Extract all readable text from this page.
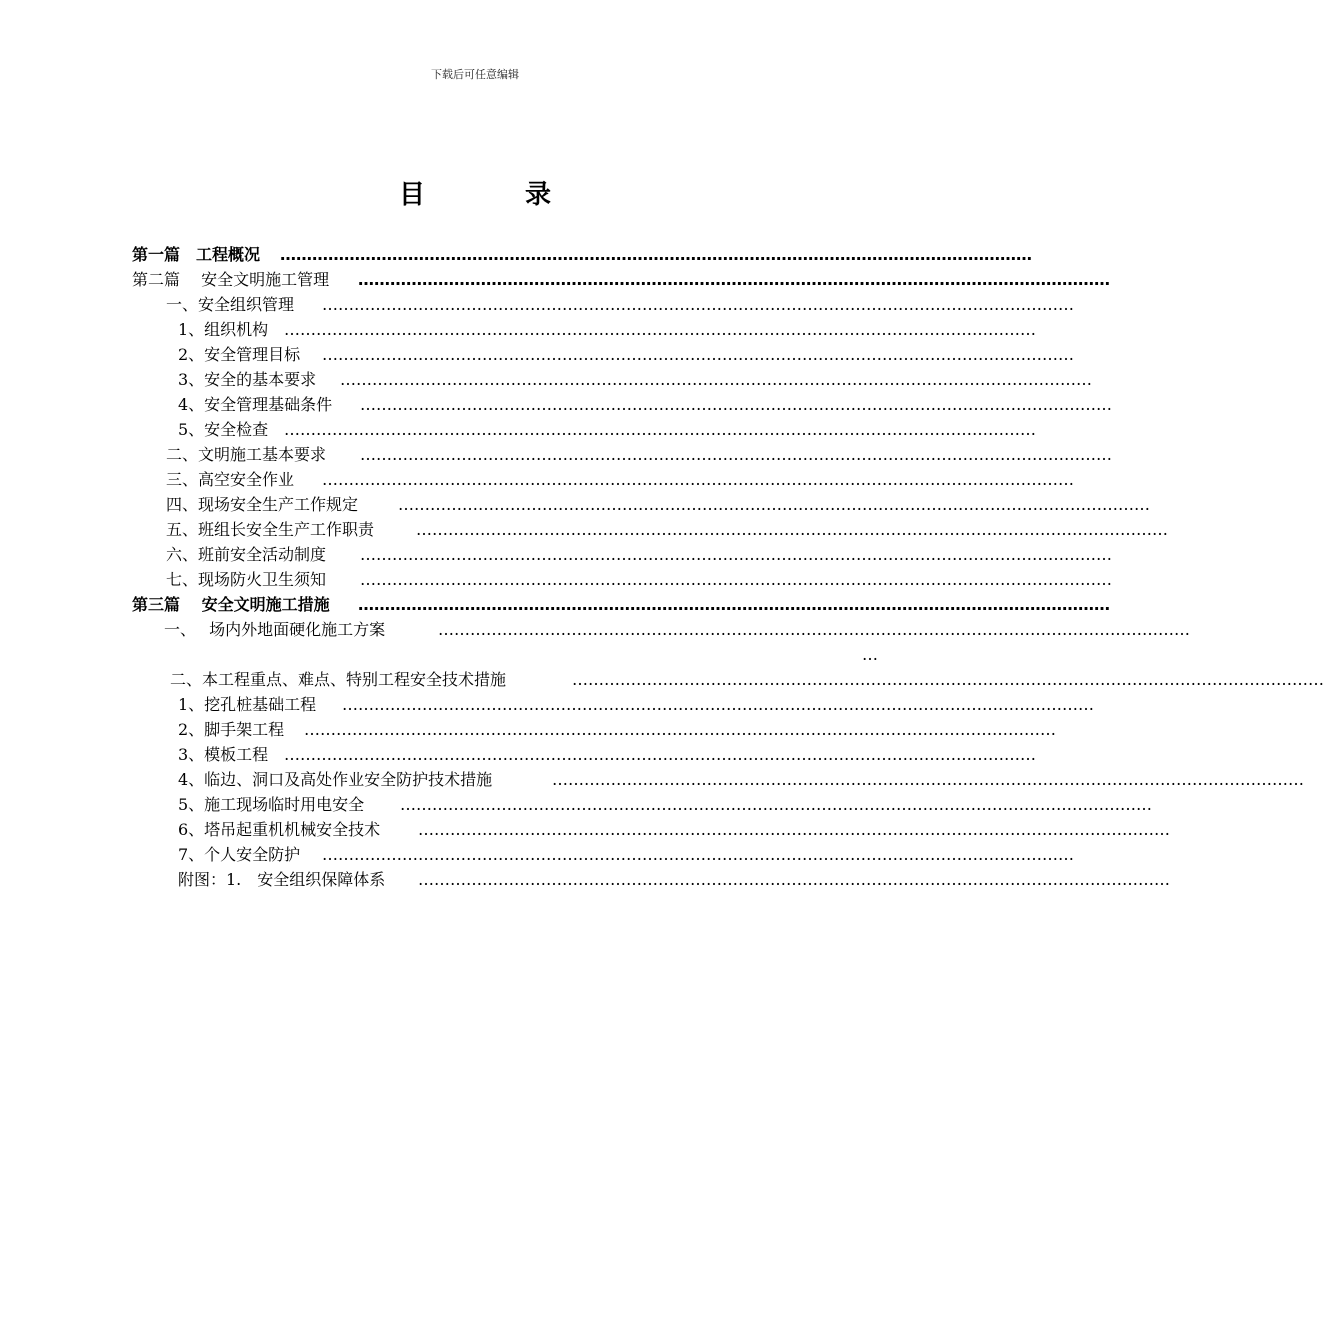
下载后可任意编辑
目	录
……………………………………………………………………………………………………………………………
第一篇　工程概况
……………………………………………………………………………………………………………………………
第二篇　 安全文明施工管理
……………………………………………………………………………………………………………………………
一、安全组织管理
……………………………………………………………………………………………………………………………
1、组织机构
……………………………………………………………………………………………………………………………
2、安全管理目标
……………………………………………………………………………………………………………………………
3、安全的基本要求
……………………………………………………………………………………………………………………………
4、安全管理基础条件
……………………………………………………………………………………………………………………………
5、安全检查
……………………………………………………………………………………………………………………………
二、文明施工基本要求
……………………………………………………………………………………………………………………………
三、高空安全作业
……………………………………………………………………………………………………………………………
四、现场安全生产工作规定
……………………………………………………………………………………………………………………………
五、班组长安全生产工作职责
……………………………………………………………………………………………………………………………
六、班前安全活动制度
……………………………………………………………………………………………………………………………
七、现场防火卫生须知
……………………………………………………………………………………………………………………………
第三篇　 安全文明施工措施
……………………………………………………………………………………………………………………………
一、　 场内外地面硬化施工方案
…
……………………………………………………………………………………………………………………………
二、本工程重点、难点、特别工程安全技术措施
……………………………………………………………………………………………………………………………
1、挖孔桩基础工程
……………………………………………………………………………………………………………………………
2、脚手架工程
……………………………………………………………………………………………………………………………
3、模板工程
……………………………………………………………………………………………………………………………
4、临边、洞口及高处作业安全防护技术措施
……………………………………………………………………………………………………………………………
5、施工现场临时用电安全
……………………………………………………………………………………………………………………………
6、塔吊起重机机械安全技术
……………………………………………………………………………………………………………………………
7、个人安全防护
……………………………………………………………………………………………………………………………
附图：1.　安全组织保障体系
